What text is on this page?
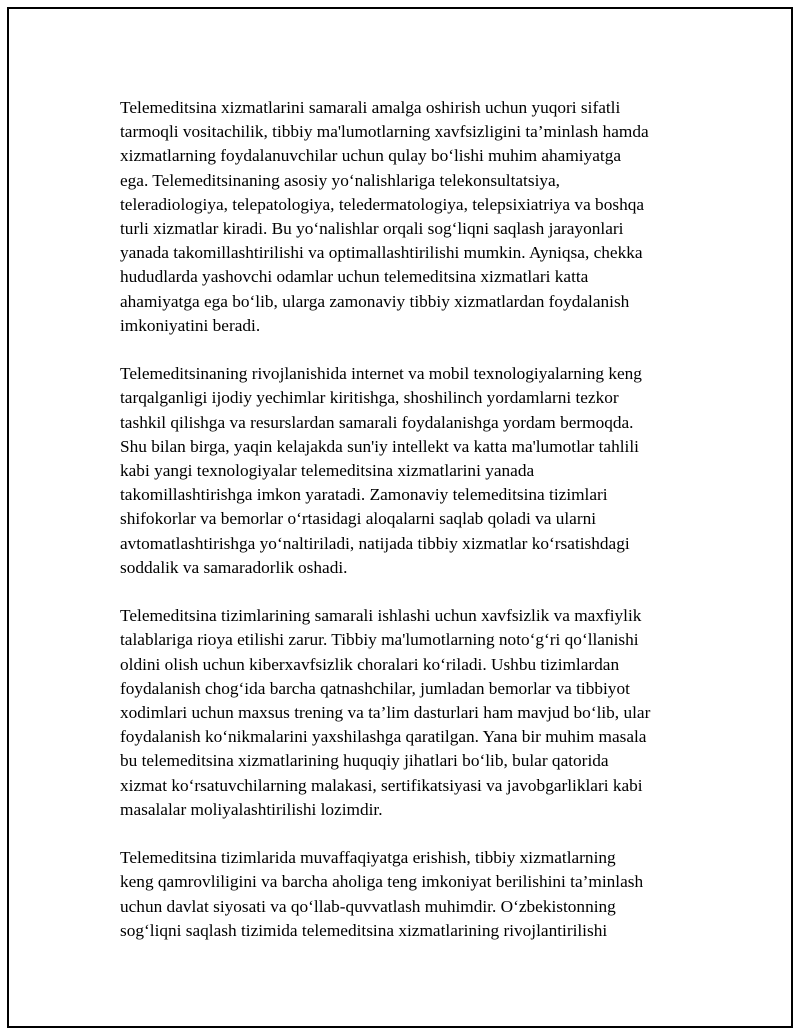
Telemeditsina xizmatlarini samarali amalga oshirish uchun yuqori sifatli
tarmoqli vositachilik, tibbiy ma'lumotlarning xavfsizligini ta’minlash hamda
xizmatlarning foydalanuvchilar uchun qulay bo‘lishi muhim ahamiyatga
ega. Telemeditsinaning asosiy yo‘nalishlariga telekonsultatsiya,
teleradiologiya, telepatologiya, teledermatologiya, telepsixiatriya va boshqa
turli xizmatlar kiradi. Bu yo‘nalishlar orqali sog‘liqni saqlash jarayonlari
yanada takomillashtirilishi va optimallashtirilishi mumkin. Ayniqsa, chekka
hududlarda yashovchi odamlar uchun telemeditsina xizmatlari katta
ahamiyatga ega bo‘lib, ularga zamonaviy tibbiy xizmatlardan foydalanish
imkoniyatini beradi.

Telemeditsinaning rivojlanishida internet va mobil texnologiyalarning keng
tarqalganligi ijodiy yechimlar kiritishga, shoshilinch yordamlarni tezkor
tashkil qilishga va resurslardan samarali foydalanishga yordam bermoqda.
Shu bilan birga, yaqin kelajakda sun'iy intellekt va katta ma'lumotlar tahlili
kabi yangi texnologiyalar telemeditsina xizmatlarini yanada
takomillashtirishga imkon yaratadi. Zamonaviy telemeditsina tizimlari
shifokorlar va bemorlar o‘rtasidagi aloqalarni saqlab qoladi va ularni
avtomatlashtirishga yo‘naltiriladi, natijada tibbiy xizmatlar ko‘rsatishdagi
soddalik va samaradorlik oshadi.

Telemeditsina tizimlarining samarali ishlashi uchun xavfsizlik va maxfiylik
talablariga rioya etilishi zarur. Tibbiy ma'lumotlarning noto‘g‘ri qo‘llanishi
oldini olish uchun kiberxavfsizlik choralari ko‘riladi. Ushbu tizimlardan
foydalanish chog‘ida barcha qatnashchilar, jumladan bemorlar va tibbiyot
xodimlari uchun maxsus trening va ta’lim dasturlari ham mavjud bo‘lib, ular
foydalanish ko‘nikmalarini yaxshilashga qaratilgan. Yana bir muhim masala
bu telemeditsina xizmatlarining huquqiy jihatlari bo‘lib, bular qatorida
xizmat ko‘rsatuvchilarning malakasi, sertifikatsiyasi va javobgarliklari kabi
masalalar moliyalashtirilishi lozimdir.

Telemeditsina tizimlarida muvaffaqiyatga erishish, tibbiy xizmatlarning
keng qamrovliligini va barcha aholiga teng imkoniyat berilishini ta’minlash
uchun davlat siyosati va qo‘llab-quvvatlash muhimdir. O‘zbekistonning
sog‘liqni saqlash tizimida telemeditsina xizmatlarining rivojlantirilishi
